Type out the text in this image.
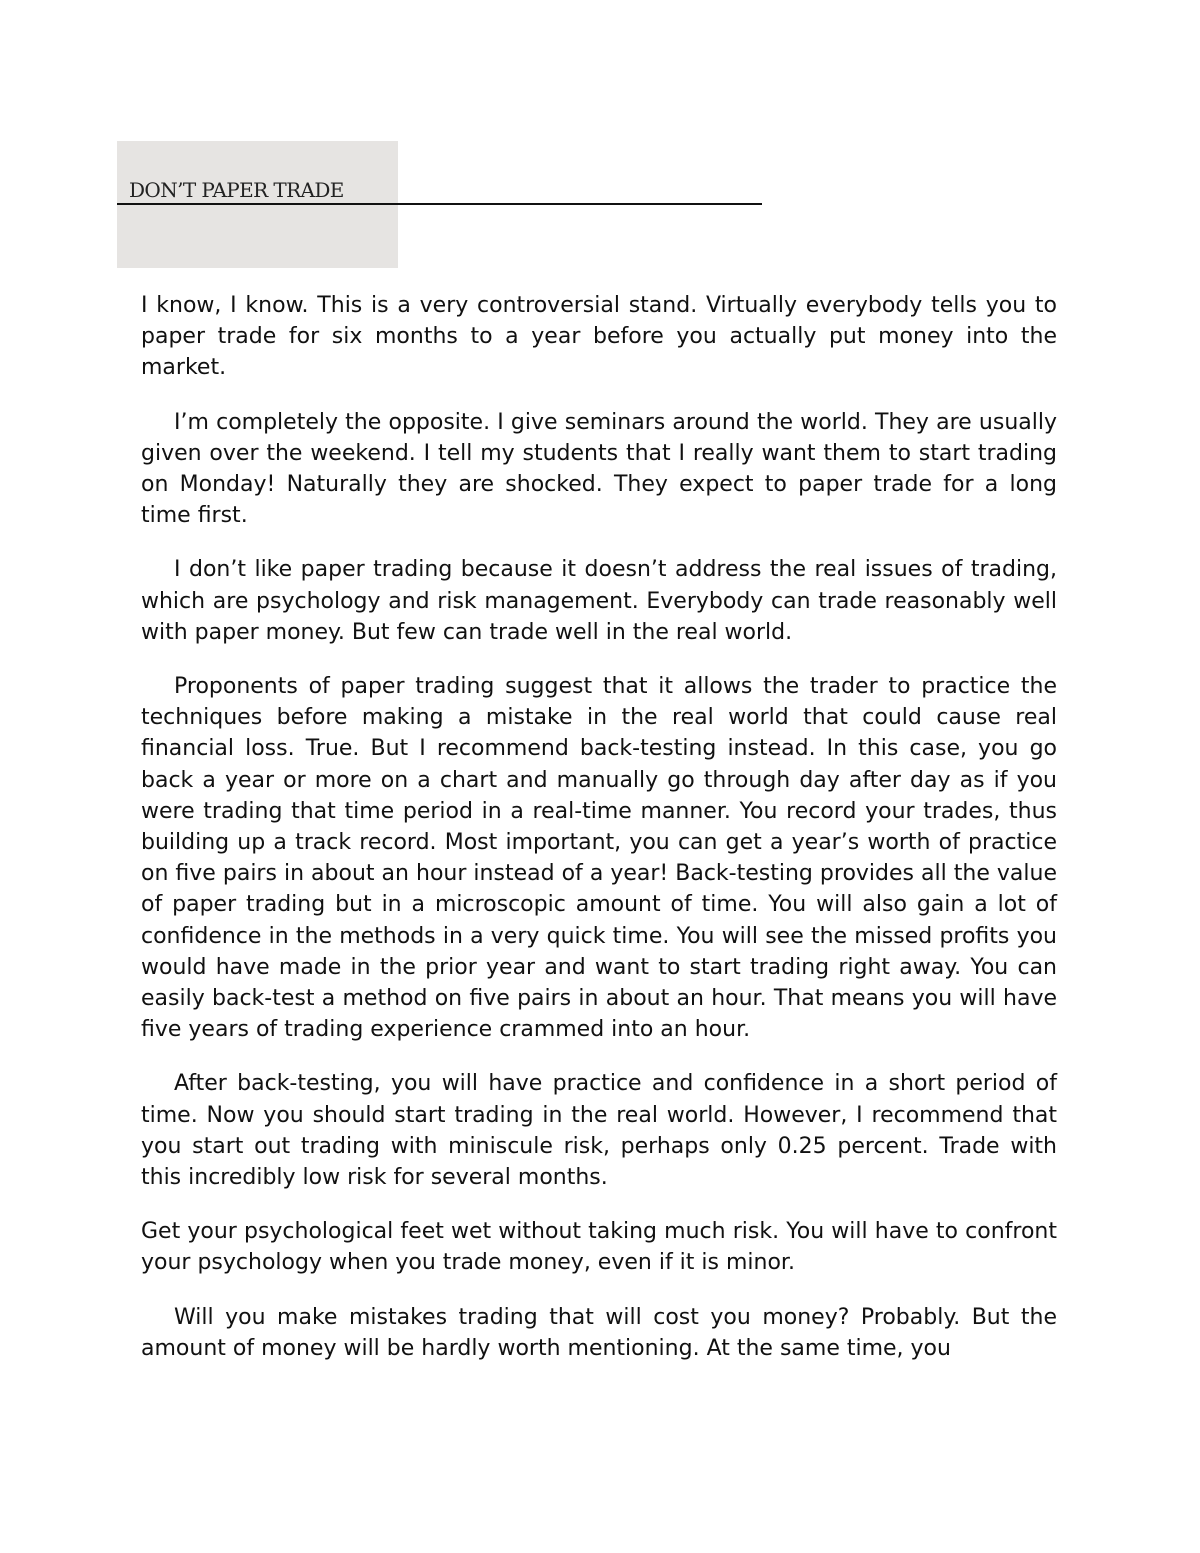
DON’T PAPER TRADE

I know, I know. This is a very controversial stand. Virtually everybody tells you to paper trade for six months to a year before you actually put money into the market.

I’m completely the opposite. I give seminars around the world. They are usually given over the weekend. I tell my students that I really want them to start trading on Monday! Naturally they are shocked. They expect to paper trade for a long time first.

I don’t like paper trading because it doesn’t address the real issues of trading, which are psychology and risk management. Everybody can trade reasonably well with paper money. But few can trade well in the real world.

Proponents of paper trading suggest that it allows the trader to practice the techniques before making a mistake in the real world that could cause real financial loss. True. But I recommend back-testing instead. In this case, you go back a year or more on a chart and manually go through day after day as if you were trading that time period in a real-time manner. You record your trades, thus building up a track record. Most important, you can get a year’s worth of practice on five pairs in about an hour instead of a year! Back-testing provides all the value of paper trading but in a microscopic amount of time. You will also gain a lot of confidence in the methods in a very quick time. You will see the missed profits you would have made in the prior year and want to start trading right away. You can easily back-test a method on five pairs in about an hour. That means you will have five years of trading experience crammed into an hour.

After back-testing, you will have practice and confidence in a short period of time. Now you should start trading in the real world. However, I recommend that you start out trading with miniscule risk, perhaps only 0.25 percent. Trade with this incredibly low risk for several months.

Get your psychological feet wet without taking much risk. You will have to confront your psychology when you trade money, even if it is minor.

Will you make mistakes trading that will cost you money? Probably. But the amount of money will be hardly worth mentioning. At the same time, you
